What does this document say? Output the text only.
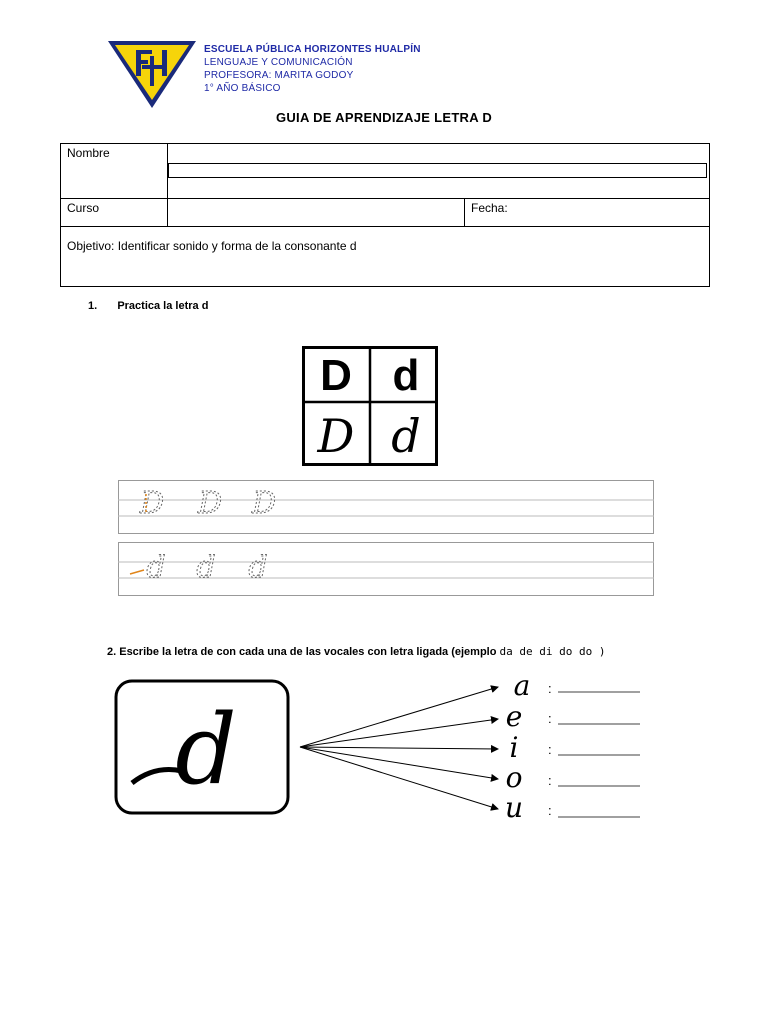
ESCUELA PÚBLICA HORIZONTES HUALPÍN
LENGUAJE Y COMUNICACIÓN
PROFESORA: MARITA GODOY
1° AÑO BÁSICO
GUIA DE APRENDIZAJE LETRA D
Nombre		

Curso		Fecha:
Objetivo: Identificar sonido y forma de la consonante d		
1. Practica la letra d
D d
D d
D D D
d d d
2. Escribe la letra de con cada una de las vocales con letra ligada (ejemplo da de di do do )
d
a
e
i
o
u
:
:
:
:
:
